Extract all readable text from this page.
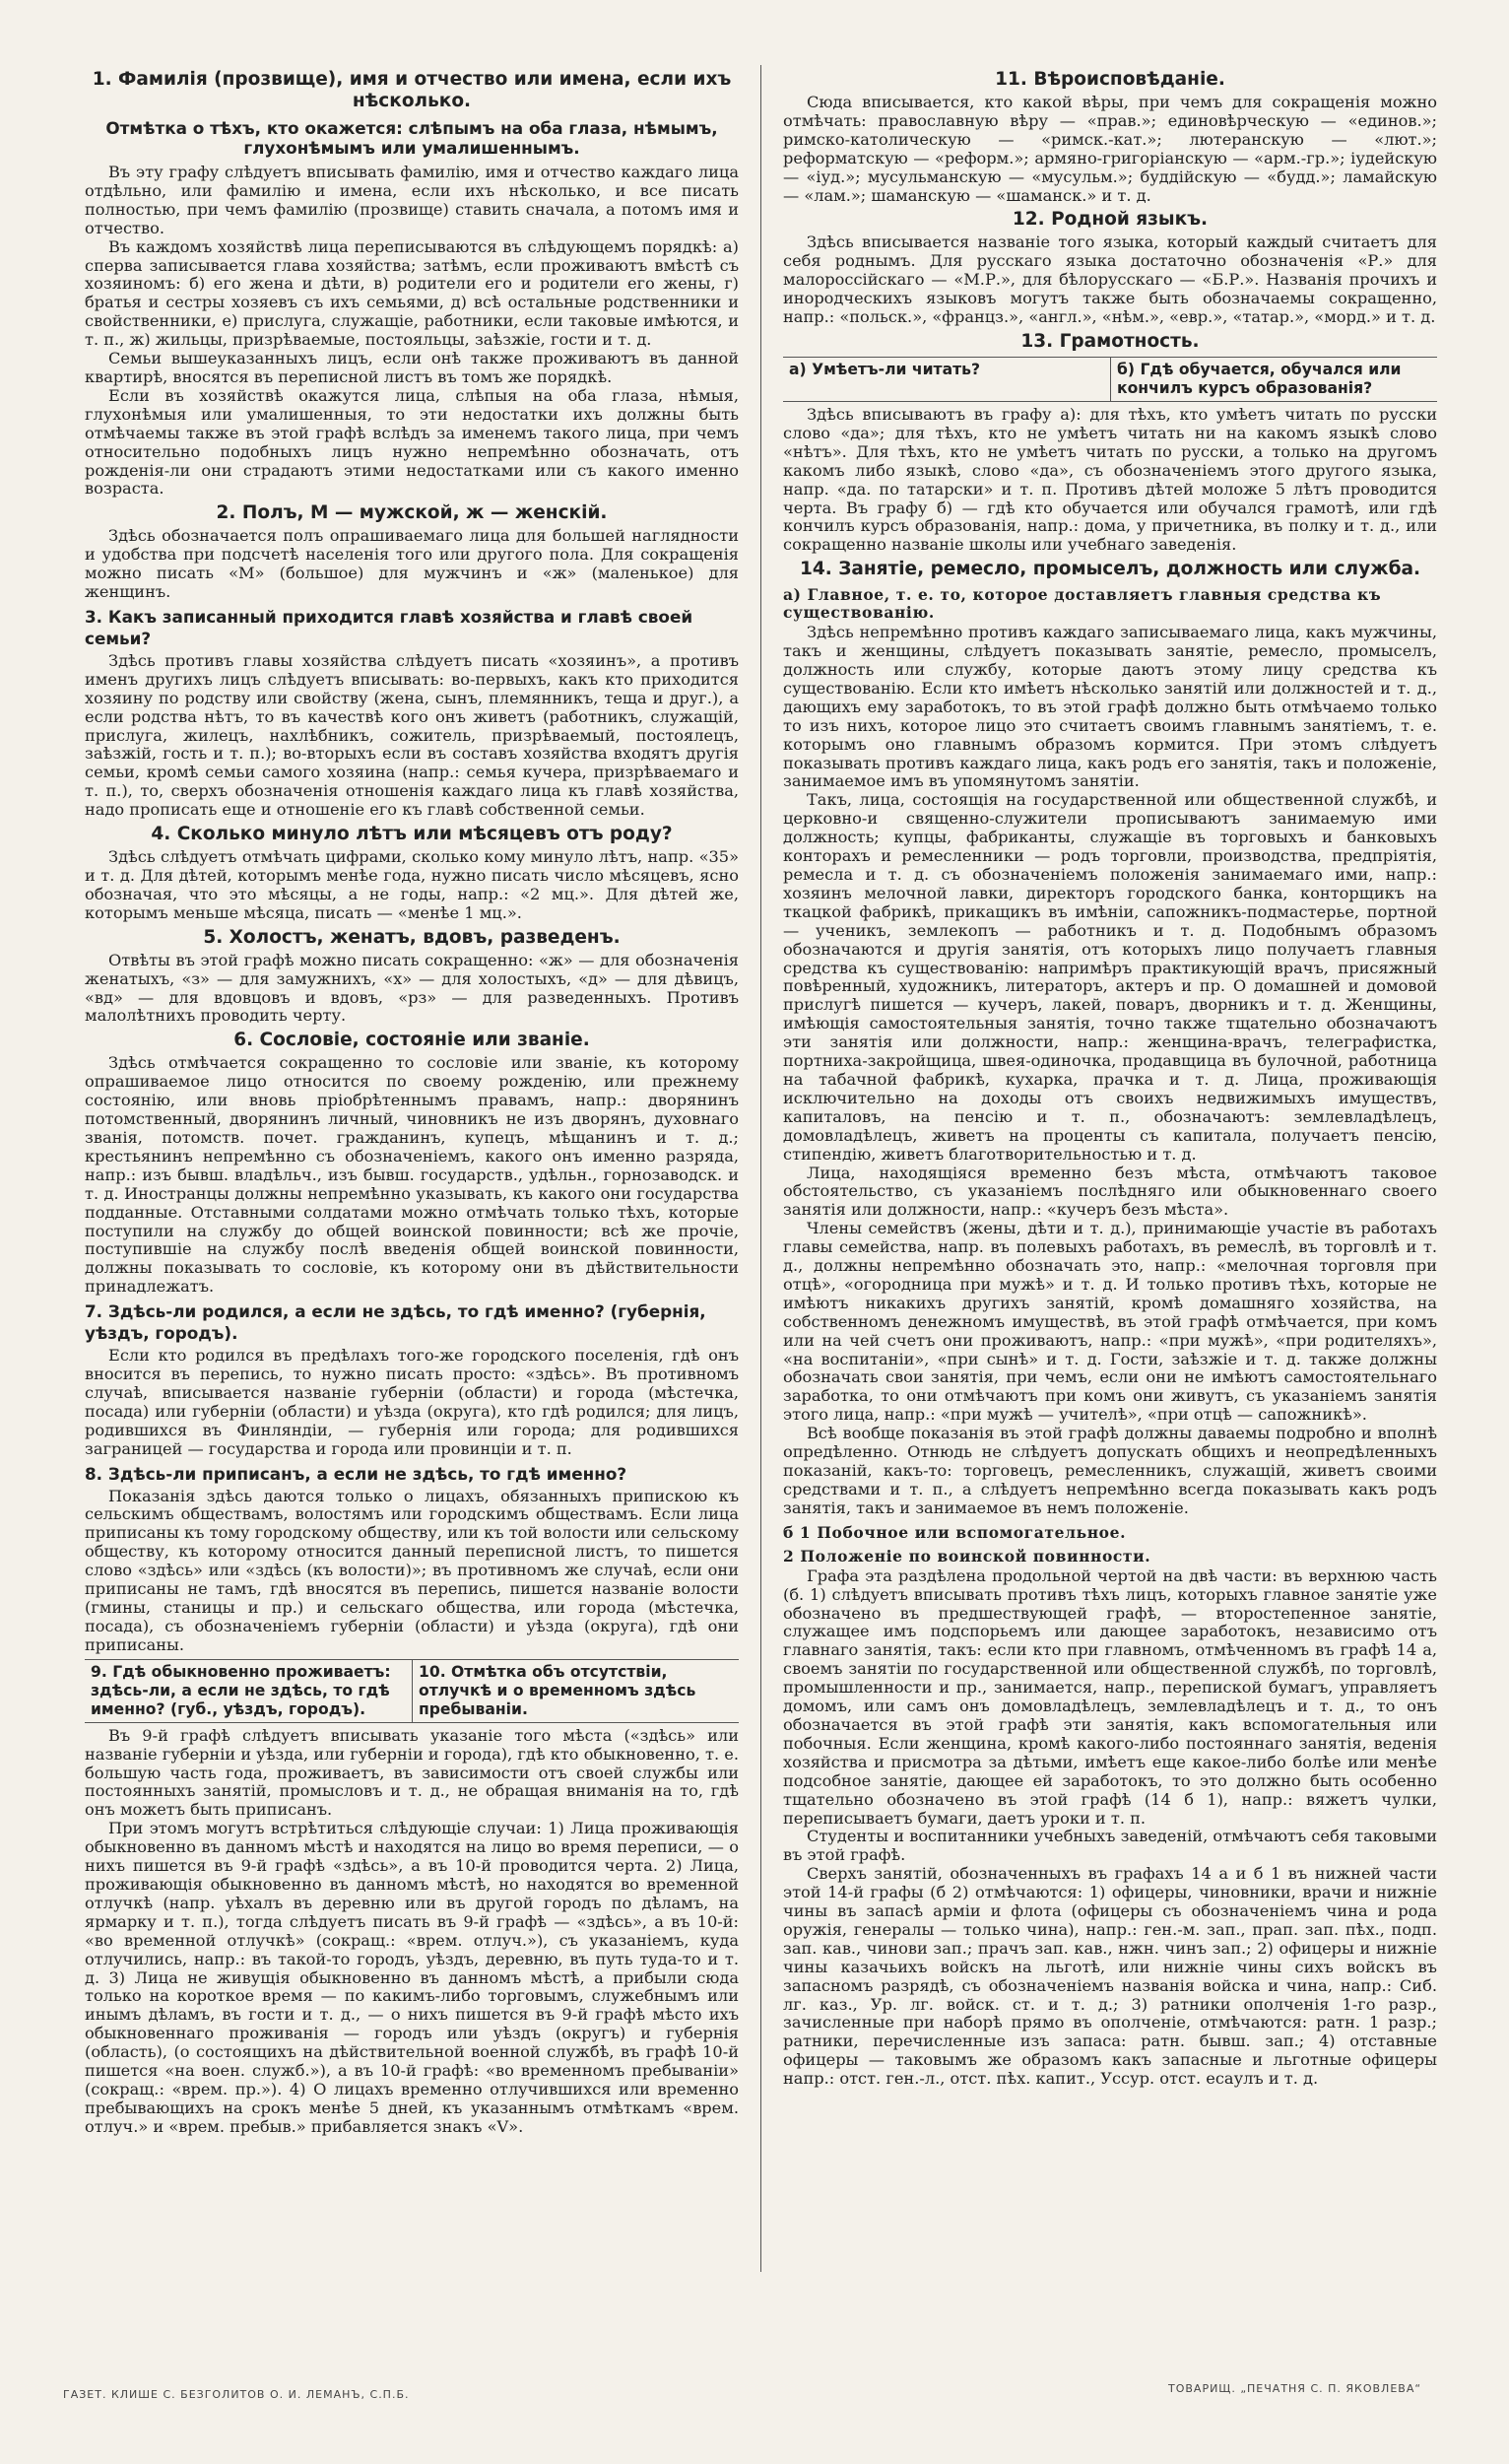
1. Фамилія (прозвище), имя и отчество или имена, если ихъ нѣсколько.
Отмѣтка о тѣхъ, кто окажется: слѣпымъ на оба глаза, нѣмымъ, глухонѣмымъ или умалишеннымъ.

Въ эту графу слѣдуетъ вписывать фамилію, имя и отчество каждаго лица отдѣльно, или фамилію и имена, если ихъ нѣсколько, и все писать полностью, при чемъ фамилію (прозвище) ставить сначала, а потомъ имя и отчество.

Въ каждомъ хозяйствѣ лица переписываются въ слѣдующемъ порядкѣ: а) сперва записывается глава хозяйства; затѣмъ, если проживаютъ вмѣстѣ съ хозяиномъ: б) его жена и дѣти, в) родители его и родители его жены, г) братья и сестры хозяевъ съ ихъ семьями, д) всѣ остальные родственники и свойственники, е) прислуга, служащіе, работники, если таковые имѣются, и т. п., ж) жильцы, призрѣваемые, постояльцы, заѣзжіе, гости и т. д.

Семьи вышеуказанныхъ лицъ, если онѣ также проживаютъ въ данной квартирѣ, вносятся въ переписной листъ въ томъ же порядкѣ.

Если въ хозяйствѣ окажутся лица, слѣпыя на оба глаза, нѣмыя, глухонѣмыя или умалишенныя, то эти недостатки ихъ должны быть отмѣчаемы также въ этой графѣ вслѣдъ за именемъ такого лица, при чемъ относительно подобныхъ лицъ нужно непремѣнно обозначать, отъ рожденія-ли они страдаютъ этими недостатками или съ какого именно возраста.

2. Полъ, М — мужской, ж — женскій.

Здѣсь обозначается полъ опрашиваемаго лица для большей наглядности и удобства при подсчетѣ населенія того или другого пола. Для сокращенія можно писать «М» (большое) для мужчинъ и «ж» (маленькое) для женщинъ.

3. Какъ записанный приходится главѣ хозяйства и главѣ своей семьи?

Здѣсь противъ главы хозяйства слѣдуетъ писать «хозяинъ», а противъ именъ другихъ лицъ слѣдуетъ вписывать: во-первыхъ, какъ кто приходится хозяину по родству или свойству (жена, сынъ, племянникъ, теща и друг.), а если родства нѣтъ, то въ качествѣ кого онъ живетъ (работникъ, служащій, прислуга, жилецъ, нахлѣбникъ, сожитель, призрѣваемый, постоялецъ, заѣзжій, гость и т. п.); во-вторыхъ если въ составъ хозяйства входятъ другія семьи, кромѣ семьи самого хозяина (напр.: семья кучера, призрѣваемаго и т. п.), то, сверхъ обозначенія отношенія каждаго лица къ главѣ хозяйства, надо прописать еще и отношеніе его къ главѣ собственной семьи.

4. Сколько минуло лѣтъ или мѣсяцевъ отъ роду?

Здѣсь слѣдуетъ отмѣчать цифрами, сколько кому минуло лѣтъ, напр. «35» и т. д. Для дѣтей, которымъ менѣе года, нужно писать число мѣсяцевъ, ясно обозначая, что это мѣсяцы, а не годы, напр.: «2 мц.». Для дѣтей же, которымъ меньше мѣсяца, писать — «менѣе 1 мц.».

5. Холостъ, женатъ, вдовъ, разведенъ.

Отвѣты въ этой графѣ можно писать сокращенно: «ж» — для обозначенія женатыхъ, «з» — для замужнихъ, «х» — для холостыхъ, «д» — для дѣвицъ, «вд» — для вдовцовъ и вдовъ, «рз» — для разведенныхъ. Противъ малолѣтнихъ проводить черту.

6. Сословіе, состояніе или званіе.

Здѣсь отмѣчается сокращенно то сословіе или званіе, къ которому опрашиваемое лицо относится по своему рожденію, или прежнему состоянію, или вновь пріобрѣтеннымъ правамъ, напр.: дворянинъ потомственный, дворянинъ личный, чиновникъ не изъ дворянъ, духовнаго званія, потомств. почет. гражданинъ, купецъ, мѣщанинъ и т. д.; крестьянинъ непремѣнно съ обозначеніемъ, какого онъ именно разряда, напр.: изъ бывш. владѣльч., изъ бывш. государств., удѣльн., горнозаводск. и т. д. Иностранцы должны непремѣнно указывать, къ какого они государства подданные. Отставными солдатами можно отмѣчать только тѣхъ, которые поступили на службу до общей воинской повинности; всѣ же прочіе, поступившіе на службу послѣ введенія общей воинской повинности, должны показывать то сословіе, къ которому они въ дѣйствительности принадлежатъ.

7. Здѣсь-ли родился, а если не здѣсь, то гдѣ именно? (губернія, уѣздъ, городъ).

Если кто родился въ предѣлахъ того-же городского поселенія, гдѣ онъ вносится въ перепись, то нужно писать просто: «здѣсь». Въ противномъ случаѣ, вписывается названіе губерніи (области) и города (мѣстечка, посада) или губерніи (области) и уѣзда (округа), кто гдѣ родился; для лицъ, родившихся въ Финляндіи, — губернія или города; для родившихся заграницей — государства и города или провинціи и т. п.

8. Здѣсь-ли приписанъ, а если не здѣсь, то гдѣ именно?

Показанія здѣсь даются только о лицахъ, обязанныхъ припискою къ сельскимъ обществамъ, волостямъ или городскимъ обществамъ. Если лица приписаны къ тому городскому обществу, или къ той волости или сельскому обществу, къ которому относится данный переписной листъ, то пишется слово «здѣсь» или «здѣсь (къ волости)»; въ противномъ же случаѣ, если они приписаны не тамъ, гдѣ вносятся въ перепись, пишется названіе волости (гмины, станицы и пр.) и сельскаго общества, или города (мѣстечка, посада), съ обозначеніемъ губерніи (области) и уѣзда (округа), гдѣ они приписаны.

9. Гдѣ обыкновенно проживаетъ: здѣсь-ли, а если не здѣсь, то гдѣ именно? (губ., уѣздъ, городъ).
10. Отмѣтка объ отсутствіи, отлучкѣ и о временномъ здѣсь пребываніи.

Въ 9-й графѣ слѣдуетъ вписывать указаніе того мѣста («здѣсь» или названіе губерніи и уѣзда, или губерніи и города), гдѣ кто обыкновенно, т. е. большую часть года, проживаетъ, въ зависимости отъ своей службы или постоянныхъ занятій, промысловъ и т. д., не обращая вниманія на то, гдѣ онъ можетъ быть приписанъ.

При этомъ могутъ встрѣтиться слѣдующіе случаи: 1) Лица проживающія обыкновенно въ данномъ мѣстѣ и находятся на лицо во время переписи, — о нихъ пишется въ 9-й графѣ «здѣсь», а въ 10-й проводится черта. 2) Лица, проживающія обыкновенно въ данномъ мѣстѣ, но находятся во временной отлучкѣ (напр. уѣхалъ въ деревню или въ другой городъ по дѣламъ, на ярмарку и т. п.), тогда слѣдуетъ писать въ 9-й графѣ — «здѣсь», а въ 10-й: «во временной отлучкѣ» (сокращ.: «врем. отлуч.»), съ указаніемъ, куда отлучились, напр.: въ такой-то городъ, уѣздъ, деревню, въ путь туда-то и т. д. 3) Лица не живущія обыкновенно въ данномъ мѣстѣ, а прибыли сюда только на короткое время — по какимъ-либо торговымъ, служебнымъ или инымъ дѣламъ, въ гости и т. д., — о нихъ пишется въ 9-й графѣ мѣсто ихъ обыкновеннаго проживанія — городъ или уѣздъ (округъ) и губернія (область), (о состоящихъ на дѣйствительной военной службѣ, въ графѣ 10-й пишется «на воен. служб.»), а въ 10-й графѣ: «во временномъ пребываніи» (сокращ.: «врем. пр.»). 4) О лицахъ временно отлучившихся или временно пребывающихъ на срокъ менѣе 5 дней, къ указаннымъ отмѣткамъ «врем. отлуч.» и «врем. пребыв.» прибавляется знакъ «V».

11. Вѣроисповѣданіе.

Сюда вписывается, кто какой вѣры, при чемъ для сокращенія можно отмѣчать: православную вѣру — «прав.»; единовѣрческую — «единов.»; римско-католическую — «римск.-кат.»; лютеранскую — «лют.»; реформатскую — «реформ.»; армяно-григоріанскую — «арм.-гр.»; іудейскую — «іуд.»; мусульманскую — «мусульм.»; буддійскую — «будд.»; ламайскую — «лам.»; шаманскую — «шаманск.» и т. д.

12. Родной языкъ.

Здѣсь вписывается названіе того языка, который каждый считаетъ для себя роднымъ. Для русскаго языка достаточно обозначенія «Р.» для малороссійскаго — «М.Р.», для бѣлорусскаго — «Б.Р.». Названія прочихъ и инородческихъ языковъ могутъ также быть обозначаемы сокращенно, напр.: «польск.», «францз.», «англ.», «нѣм.», «евр.», «татар.», «морд.» и т. д.

13. Грамотность.
а) Умѣетъ-ли читать?	б) Гдѣ обучается, обучался или кончилъ курсъ образованія?

Здѣсь вписываютъ въ графу а): для тѣхъ, кто умѣетъ читать по русски слово «да»; для тѣхъ, кто не умѣетъ читать ни на какомъ языкѣ слово «нѣтъ». Для тѣхъ, кто не умѣетъ читать по русски, а только на другомъ какомъ либо языкѣ, слово «да», съ обозначеніемъ этого другого языка, напр. «да. по татарски» и т. п. Противъ дѣтей моложе 5 лѣтъ проводится черта. Въ графу б) — гдѣ кто обучается или обучался грамотѣ, или гдѣ кончилъ курсъ образованія, напр.: дома, у причетника, въ полку и т. д., или сокращенно названіе школы или учебнаго заведенія.

14. Занятіе, ремесло, промыселъ, должность или служба.
а) Главное, т. е. то, которое доставляетъ главныя средства къ существованію.

Здѣсь непремѣнно противъ каждаго записываемаго лица, какъ мужчины, такъ и женщины, слѣдуетъ показывать занятіе, ремесло, промыселъ, должность или службу, которые даютъ этому лицу средства къ существованію. Если кто имѣетъ нѣсколько занятій или должностей и т. д., дающихъ ему заработокъ, то въ этой графѣ должно быть отмѣчаемо только то изъ нихъ, которое лицо это считаетъ своимъ главнымъ занятіемъ, т. е. которымъ оно главнымъ образомъ кормится. При этомъ слѣдуетъ показывать противъ каждаго лица, какъ родъ его занятія, такъ и положеніе, занимаемое имъ въ упомянутомъ занятіи.

Такъ, лица, состоящія на государственной или общественной службѣ, и церковно-и священно-служители прописываютъ занимаемую ими должность; купцы, фабриканты, служащіе въ торговыхъ и банковыхъ конторахъ и ремесленники — родъ торговли, производства, предпріятія, ремесла и т. д. съ обозначеніемъ положенія занимаемаго ими, напр.: хозяинъ мелочной лавки, директоръ городского банка, конторщикъ на ткацкой фабрикѣ, прикащикъ въ имѣніи, сапожникъ-подмастерье, портной — ученикъ, землекопъ — работникъ и т. д. Подобнымъ образомъ обозначаются и другія занятія, отъ которыхъ лицо получаетъ главныя средства къ существованію: напримѣръ практикующій врачъ, присяжный повѣренный, художникъ, литераторъ, актеръ и пр. О домашней и домовой прислугѣ пишется — кучеръ, лакей, поваръ, дворникъ и т. д. Женщины, имѣющія самостоятельныя занятія, точно также тщательно обозначаютъ эти занятія или должности, напр.: женщина-врачъ, телеграфистка, портниха-закройщица, швея-одиночка, продавщица въ булочной, работница на табачной фабрикѣ, кухарка, прачка и т. д. Лица, проживающія исключительно на доходы отъ своихъ недвижимыхъ имуществъ, капиталовъ, на пенсію и т. п., обозначаютъ: землевладѣлецъ, домовладѣлецъ, живетъ на проценты съ капитала, получаетъ пенсію, стипендію, живетъ благотворительностью и т. д.

Лица, находящіяся временно безъ мѣста, отмѣчаютъ таковое обстоятельство, съ указаніемъ послѣдняго или обыкновеннаго своего занятія или должности, напр.: «кучеръ безъ мѣста».

Члены семействъ (жены, дѣти и т. д.), принимающіе участіе въ работахъ главы семейства, напр. въ полевыхъ работахъ, въ ремеслѣ, въ торговлѣ и т. д., должны непремѣнно обозначать это, напр.: «мелочная торговля при отцѣ», «огородница при мужѣ» и т. д. И только противъ тѣхъ, которые не имѣютъ никакихъ другихъ занятій, кромѣ домашняго хозяйства, на собственномъ денежномъ имуществѣ, въ этой графѣ отмѣчается, при комъ или на чей счетъ они проживаютъ, напр.: «при мужѣ», «при родителяхъ», «на воспитаніи», «при сынѣ» и т. д. Гости, заѣзжіе и т. д. также должны обозначать свои занятія, при чемъ, если они не имѣютъ самостоятельнаго заработка, то они отмѣчаютъ при комъ они живутъ, съ указаніемъ занятія этого лица, напр.: «при мужѣ — учителѣ», «при отцѣ — сапожникѣ».

Всѣ вообще показанія въ этой графѣ должны даваемы подробно и вполнѣ опредѣленно. Отнюдь не слѣдуетъ допускать общихъ и неопредѣленныхъ показаній, какъ-то: торговецъ, ремесленникъ, служащій, живетъ своими средствами и т. п., а слѣдуетъ непремѣнно всегда показывать какъ родъ занятія, такъ и занимаемое въ немъ положеніе.

б 1 Побочное или вспомогательное.
2 Положеніе по воинской повинности.

Графа эта раздѣлена продольной чертой на двѣ части: въ верхнюю часть (б. 1) слѣдуетъ вписывать противъ тѣхъ лицъ, которыхъ главное занятіе уже обозначено въ предшествующей графѣ, — второстепенное занятіе, служащее имъ подспорьемъ или дающее заработокъ, независимо отъ главнаго занятія, такъ: если кто при главномъ, отмѣченномъ въ графѣ 14 а, своемъ занятіи по государственной или общественной службѣ, по торговлѣ, промышленности и пр., занимается, напр., перепиской бумагъ, управляетъ домомъ, или самъ онъ домовладѣлецъ, землевладѣлецъ и т. д., то онъ обозначается въ этой графѣ эти занятія, какъ вспомогательныя или побочныя. Если женщина, кромѣ какого-либо постояннаго занятія, веденія хозяйства и присмотра за дѣтьми, имѣетъ еще какое-либо болѣе или менѣе подсобное занятіе, дающее ей заработокъ, то это должно быть особенно тщательно обозначено въ этой графѣ (14 б 1), напр.: вяжетъ чулки, переписываетъ бумаги, даетъ уроки и т. п.

Студенты и воспитанники учебныхъ заведеній, отмѣчаютъ себя таковыми въ этой графѣ.

Сверхъ занятій, обозначенныхъ въ графахъ 14 а и б 1 въ нижней части этой 14-й графы (б 2) отмѣчаются: 1) офицеры, чиновники, врачи и нижніе чины въ запасѣ арміи и флота (офицеры съ обозначеніемъ чина и рода оружія, генералы — только чина), напр.: ген.-м. зап., прап. зап. пѣх., подп. зап. кав., чинови зап.; прачъ зап. кав., нжн. чинъ зап.; 2) офицеры и нижніе чины казачьихъ войскъ на льготѣ, или нижніе чины сихъ войскъ въ запасномъ разрядѣ, съ обозначеніемъ названія войска и чина, напр.: Сиб. лг. каз., Ур. лг. войск. ст. и т. д.; 3) ратники ополченія 1-го разр., зачисленные при наборѣ прямо въ ополченіе, отмѣчаются: ратн. 1 разр.; ратники, перечисленные изъ запаса: ратн. бывш. зап.; 4) отставные офицеры — таковымъ же образомъ какъ запасные и льготные офицеры напр.: отст. ген.-л., отст. пѣх. капит., Уссур. отст. есаулъ и т. д.

ГАЗЕТ. КЛИШЕ С. БЕЗГОЛИТОВ О. И. ЛЕМАНЪ, С.П.Б.	ТОВАРИЩ. „ПЕЧАТНЯ С. П. ЯКОВЛЕВА“
